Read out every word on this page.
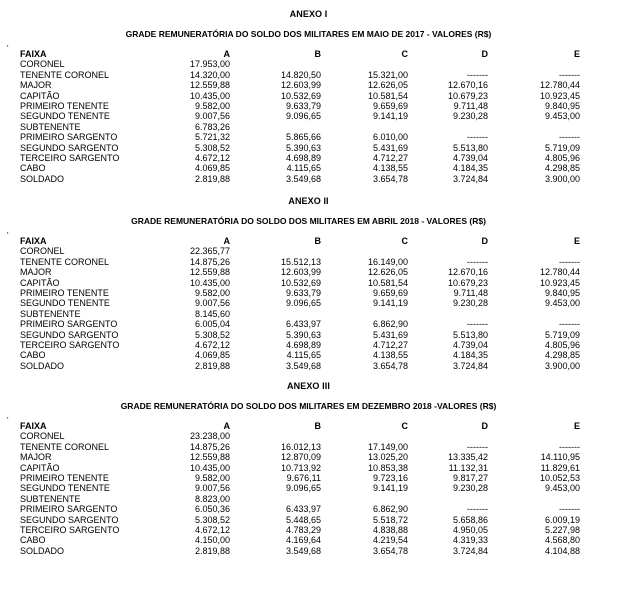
ANEXO I
GRADE REMUNERATÓRIA DO SOLDO DOS MILITARES EM MAIO DE 2017 - VALORES (R$)
'
FAIXA	A	B	C	D	E
CORONEL	17.953,00				
TENENTE CORONEL	14.320,00	14.820,50	15.321,00	-------	-------
MAJOR	12.559,88	12.603,99	12.626,05	12.670,16	12.780,44
CAPITÃO	10.435,00	10.532,69	10.581,54	10.679,23	10.923,45
PRIMEIRO TENENTE	9.582,00	9.633,79	9.659,69	9.711,48	9.840,95
SEGUNDO TENENTE	9.007,56	9.096,65	9.141,19	9.230,28	9.453,00
SUBTENENTE	6.783,26				
PRIMEIRO SARGENTO	5.721,32	5.865,66	6.010,00	-------	-------
SEGUNDO SARGENTO	5.308,52	5.390,63	5.431,69	5.513,80	5.719,09
TERCEIRO SARGENTO	4.672,12	4.698,89	4.712,27	4.739,04	4.805,96
CABO	4.069,85	4.115,65	4.138,55	4.184,35	4.298,85
SOLDADO	2.819,88	3.549,68	3.654,78	3.724,84	3.900,00
ANEXO II
GRADE REMUNERATÓRIA DO SOLDO DOS MILITARES EM ABRIL 2018 - VALORES (R$)
'
FAIXA	A	B	C	D	E
CORONEL	22.365,77				
TENENTE CORONEL	14.875,26	15.512,13	16.149,00	-------	-------
MAJOR	12.559,88	12.603,99	12.626,05	12.670,16	12.780,44
CAPITÃO	10.435,00	10.532,69	10.581,54	10.679,23	10.923,45
PRIMEIRO TENENTE	9.582,00	9.633,79	9.659,69	9.711,48	9.840,95
SEGUNDO TENENTE	9.007,56	9.096,65	9.141,19	9.230,28	9.453,00
SUBTENENTE	8.145,60				
PRIMEIRO SARGENTO	6.005,04	6.433,97	6.862,90	-------	-------
SEGUNDO SARGENTO	5.308,52	5.390,63	5.431,69	5.513,80	5.719,09
TERCEIRO SARGENTO	4.672,12	4.698,89	4.712,27	4.739,04	4.805,96
CABO	4.069,85	4.115,65	4.138,55	4.184,35	4.298,85
SOLDADO	2.819,88	3.549,68	3.654,78	3.724,84	3.900,00
ANEXO III
GRADE REMUNERATÓRIA DO SOLDO DOS MILITARES EM DEZEMBRO 2018 -VALORES (R$)
'
FAIXA	A	B	C	D	E
CORONEL	23.238,00				
TENENTE CORONEL	14.875,26	16.012,13	17.149,00	-------	-------
MAJOR	12.559,88	12.870,09	13.025,20	13.335,42	14.110,95
CAPITÃO	10.435,00	10.713,92	10.853,38	11.132,31	11.829,61
PRIMEIRO TENENTE	9.582,00	9.676,11	9.723,16	9.817,27	10.052,53
SEGUNDO TENENTE	9.007,56	9.096,65	9.141,19	9.230,28	9.453,00
SUBTENENTE	8.823,00				
PRIMEIRO SARGENTO	6.050,36	6.433,97	6.862,90	-------	-------
SEGUNDO SARGENTO	5.308,52	5.448,65	5.518,72	5.658,86	6.009,19
TERCEIRO SARGENTO	4.672,12	4.783,29	4.838,88	4.950,05	5.227,98
CABO	4.150,00	4.169,64	4.219,54	4.319,33	4.568,80
SOLDADO	2.819,88	3.549,68	3.654,78	3.724,84	4.104,88
